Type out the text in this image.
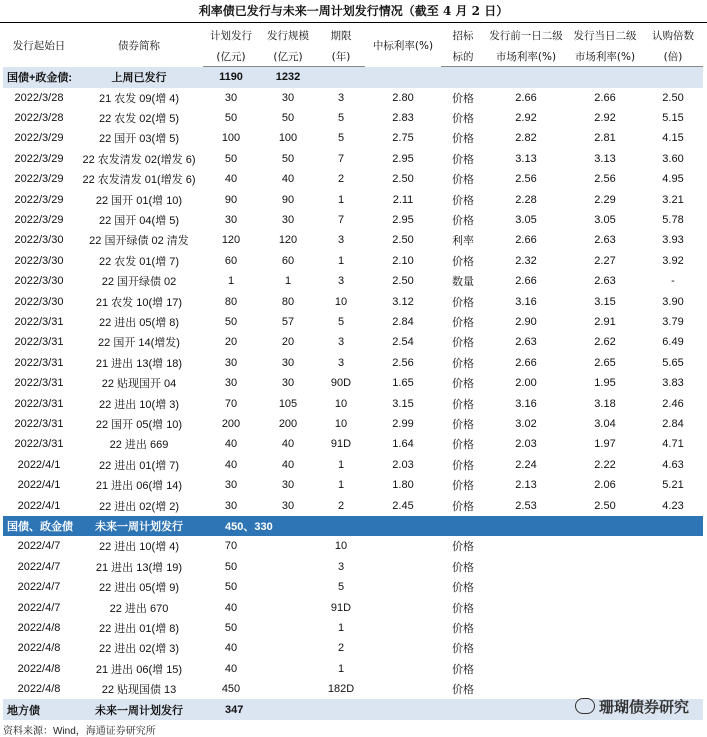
利率债已发行与未来一周计划发行情况（截至 4 月 2 日）
发行起始日	债券简称	计划发行	发行规模	期限	中标利率(%)	招标	发行前一日二级	发行当日二级	认购倍数
		(亿元)	(亿元)	(年)		标的	市场利率(%)	市场利率(%)	(倍)
国债+政金债:	上周已发行	1190	1232						
2022/3/28	21 农发 09(增 4)	30	30	3	2.80	价格	2.66	2.66	2.50
2022/3/28	22 农发 02(增 5)	50	50	5	2.83	价格	2.92	2.92	5.15
2022/3/29	22 国开 03(增 5)	100	100	5	2.75	价格	2.82	2.81	4.15
2022/3/29	22 农发清发 02(增发 6)	50	50	7	2.95	价格	3.13	3.13	3.60
2022/3/29	22 农发清发 01(增发 6)	40	40	2	2.50	价格	2.56	2.56	4.95
2022/3/29	22 国开 01(增 10)	90	90	1	2.11	价格	2.28	2.29	3.21
2022/3/29	22 国开 04(增 5)	30	30	7	2.95	价格	3.05	3.05	5.78
2022/3/30	22 国开绿债 02 清发	120	120	3	2.50	利率	2.66	2.63	3.93
2022/3/30	22 农发 01(增 7)	60	60	1	2.10	价格	2.32	2.27	3.92
2022/3/30	22 国开绿债 02	1	1	3	2.50	数量	2.66	2.63	-
2022/3/30	21 农发 10(增 17)	80	80	10	3.12	价格	3.16	3.15	3.90
2022/3/31	22 进出 05(增 8)	50	57	5	2.84	价格	2.90	2.91	3.79
2022/3/31	22 国开 14(增发)	20	20	3	2.54	价格	2.63	2.62	6.49
2022/3/31	21 进出 13(增 18)	30	30	3	2.56	价格	2.66	2.65	5.65
2022/3/31	22 贴现国开 04	30	30	90D	1.65	价格	2.00	1.95	3.83
2022/3/31	22 进出 10(增 3)	70	105	10	3.15	价格	3.16	3.18	2.46
2022/3/31	22 国开 05(增 10)	200	200	10	2.99	价格	3.02	3.04	2.84
2022/3/31	22 进出 669	40	40	91D	1.64	价格	2.03	1.97	4.71
2022/4/1	22 进出 01(增 7)	40	40	1	2.03	价格	2.24	2.22	4.63
2022/4/1	21 进出 06(增 14)	30	30	1	1.80	价格	2.13	2.06	5.21
2022/4/1	22 进出 02(增 2)	30	30	2	2.45	价格	2.53	2.50	4.23
国债、政金债	未来一周计划发行	450、330							
2022/4/7	22 进出 10(增 4)	70		10		价格			
2022/4/7	21 进出 13(增 19)	50		3		价格			
2022/4/7	22 进出 05(增 9)	50		5		价格			
2022/4/7	22 进出 670	40		91D		价格			
2022/4/8	22 进出 01(增 8)	50		1		价格			
2022/4/8	22 进出 02(增 3)	40		2		价格			
2022/4/8	21 进出 06(增 15)	40		1		价格			
2022/4/8	22 贴现国债 13	450		182D		价格			
地方债	未来一周计划发行	347							
资料来源：Wind，海通证券研究所
珊瑚债券研究
